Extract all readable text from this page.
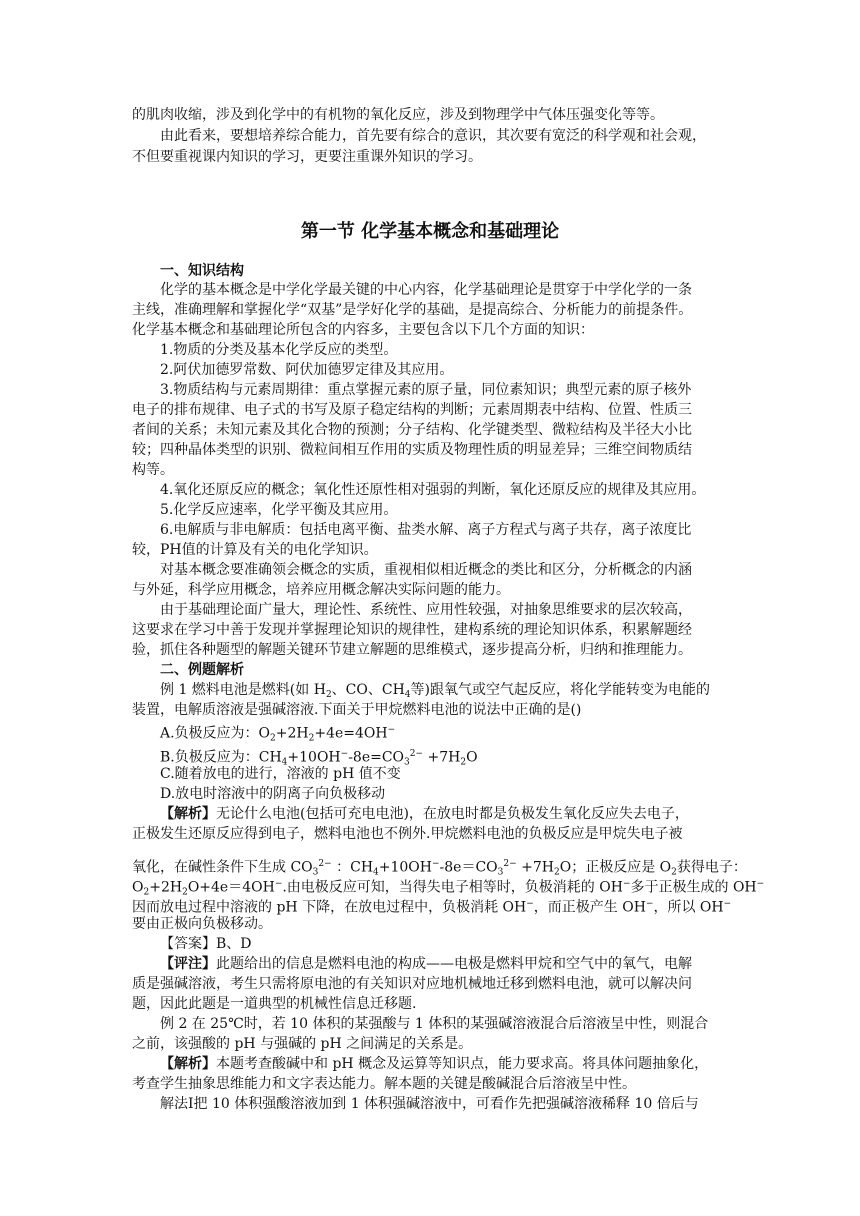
的肌肉收缩，涉及到化学中的有机物的氧化反应，涉及到物理学中气体压强变化等等。
由此看来，要想培养综合能力，首先要有综合的意识，其次要有宽泛的科学观和社会观，
不但要重视课内知识的学习，更要注重课外知识的学习。
第一节 化学基本概念和基础理论
一、知识结构
化学的基本概念是中学化学最关键的中心内容，化学基础理论是贯穿于中学化学的一条
主线，准确理解和掌握化学“双基”是学好化学的基础，是提高综合、分析能力的前提条件。
化学基本概念和基础理论所包含的内容多，主要包含以下几个方面的知识：
1.物质的分类及基本化学反应的类型。
2.阿伏加德罗常数、阿伏加德罗定律及其应用。
3.物质结构与元素周期律：重点掌握元素的原子量，同位素知识；典型元素的原子核外
电子的排布规律、电子式的书写及原子稳定结构的判断；元素周期表中结构、位置、性质三
者间的关系；未知元素及其化合物的预测；分子结构、化学键类型、微粒结构及半径大小比
较；四种晶体类型的识别、微粒间相互作用的实质及物理性质的明显差异；三维空间物质结
构等。
4.氧化还原反应的概念；氧化性还原性相对强弱的判断，氧化还原反应的规律及其应用。
5.化学反应速率，化学平衡及其应用。
6.电解质与非电解质：包括电离平衡、盐类水解、离子方程式与离子共存，离子浓度比
较，PH值的计算及有关的电化学知识。
对基本概念要准确领会概念的实质，重视相似相近概念的类比和区分，分析概念的内涵
与外延，科学应用概念，培养应用概念解决实际问题的能力。
由于基础理论面广量大，理论性、系统性、应用性较强，对抽象思维要求的层次较高，
这要求在学习中善于发现并掌握理论知识的规律性，建构系统的理论知识体系，积累解题经
验，抓住各种题型的解题关键环节建立解题的思维模式，逐步提高分析，归纳和推理能力。
二、例题解析
例 1 燃料电池是燃料(如 $H_2$、CO、$CH_4$等)跟氧气或空气起反应，将化学能转变为电能的
装置，电解质溶液是强碱溶液.下面关于甲烷燃料电池的说法中正确的是()
A.负极反应为：$O_2+2H_2+4e=4OH^-$
B.负极反应为：$CH_4+10OH^--8e=CO_3^{2-} +7H_2O$
C.随着放电的进行，溶液的 pH 值不变
D.放电时溶液中的阴离子向负极移动
【解析】无论什么电池(包括可充电电池)，在放电时都是负极发生氧化反应失去电子，
正极发生还原反应得到电子，燃料电池也不例外.甲烷燃料电池的负极反应是甲烷失电子被
氧化，在碱性条件下生成 $CO_3^{2-}$ ：$CH_4+10OH^--8e=CO_3^{2-} +7H_2O$；正极反应是 $O_2$获得电子：
$O_2+2H_2O+4e=4OH^-$.由电极反应可知，当得失电子相等时，负极消耗的 OH−多于正极生成的 OH−
因而放电过程中溶液的 pH 下降，在放电过程中，负极消耗 OH−，而正极产生 OH−，所以 OH−
要由正极向负极移动。
【答案】B、D
【评注】此题给出的信息是燃料电池的构成——电极是燃料甲烷和空气中的氧气，电解
质是强碱溶液，考生只需将原电池的有关知识对应地机械地迁移到燃料电池，就可以解决问
题，因此此题是一道典型的机械性信息迁移题.
例 2 在 25℃时，若 10 体积的某强酸与 1 体积的某强碱溶液混合后溶液呈中性，则混合
之前，该强酸的 pH 与强碱的 pH 之间满足的关系是。
【解析】本题考查酸碱中和 pH 概念及运算等知识点，能力要求高。将具体问题抽象化，
考查学生抽象思维能力和文字表达能力。解本题的关键是酸碱混合后溶液呈中性。
解法Ⅰ把 10 体积强酸溶液加到 1 体积强碱溶液中，可看作先把强碱溶液稀释 10 倍后与
